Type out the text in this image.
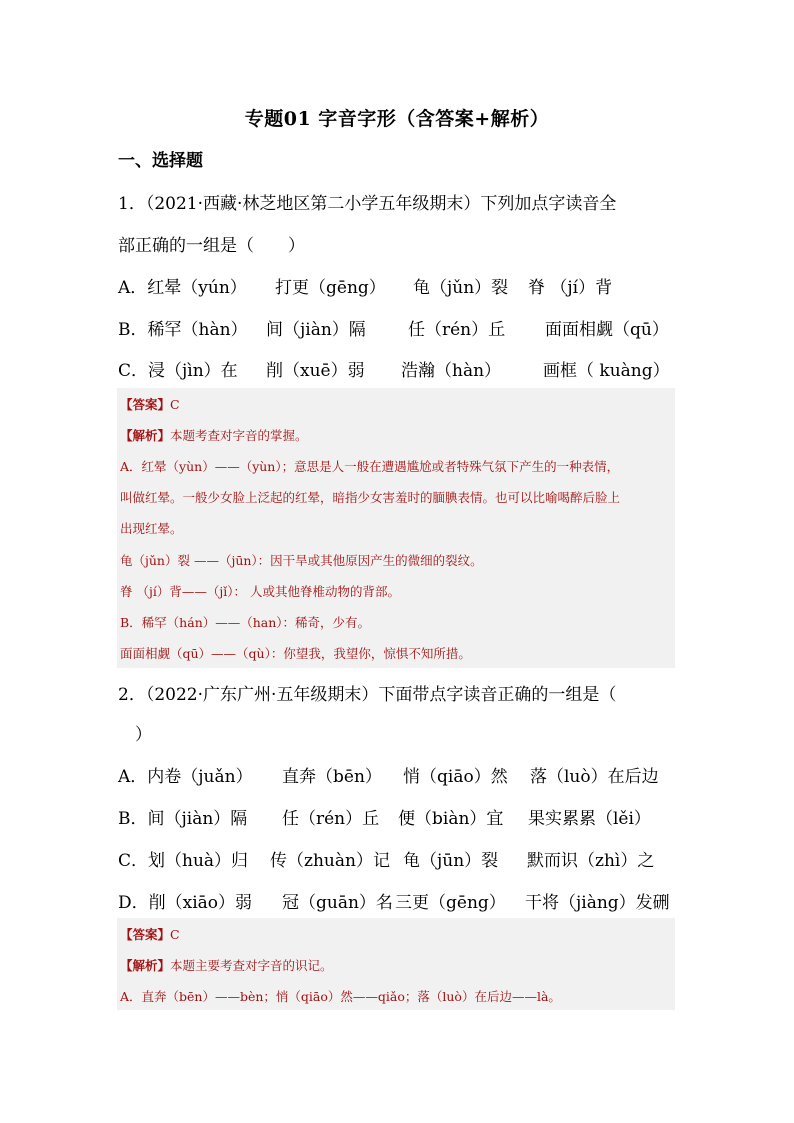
专题01 字音字形（含答案+解析）
一、选择题
1．（2021·西藏·林芝地区第二小学五年级期末）下列加点字读音全
部正确的一组是（　　）
A．红晕（yún） 打更（gēng） 龟（jǔn）裂 脊 （jí）背
B．稀罕（hàn） 间（jiàn）隔 任（rén）丘 面面相觑（qū）
C．浸（jìn）在 削（xuē）弱 浩瀚（hàn） 画框（ kuàng）
【答案】C
【解析】本题考查对字音的掌握。
A．红晕（yùn）——（yùn）；意思是人一般在遭遇尴尬或者特殊气氛下产生的一种表情，
叫做红晕。一般少女脸上泛起的红晕，暗指少女害羞时的腼腆表情。也可以比喻喝醉后脸上
出现红晕。
龟（jǔn）裂 ——（jūn）：因干旱或其他原因产生的微细的裂纹。
脊 （jí）背——（jǐ）： 人或其他脊椎动物的背部。
B．稀罕（hán）——（han）：稀奇，少有。
面面相觑（qū）——（qù）：你望我，我望你，惊惧不知所措。
2．（2022·广东广州·五年级期末）下面带点字读音正确的一组是（
　）
A．内卷（juǎn） 直奔（bēn） 悄（qiāo）然 落（luò）在后边
B．间（jiàn）隔 任（rén）丘 便（biàn）宜 果实累累（lěi）
C．划（huà）归 传（zhuàn）记 龟（jūn）裂 默而识（zhì）之
D．削（xiāo）弱 冠（guān）名 三更（gēng） 干将（jiàng）发硎
【答案】C
【解析】本题主要考查对字音的识记。
A．直奔（bēn）——bèn；悄（qiāo）然——qiǎo；落（luò）在后边——là。
